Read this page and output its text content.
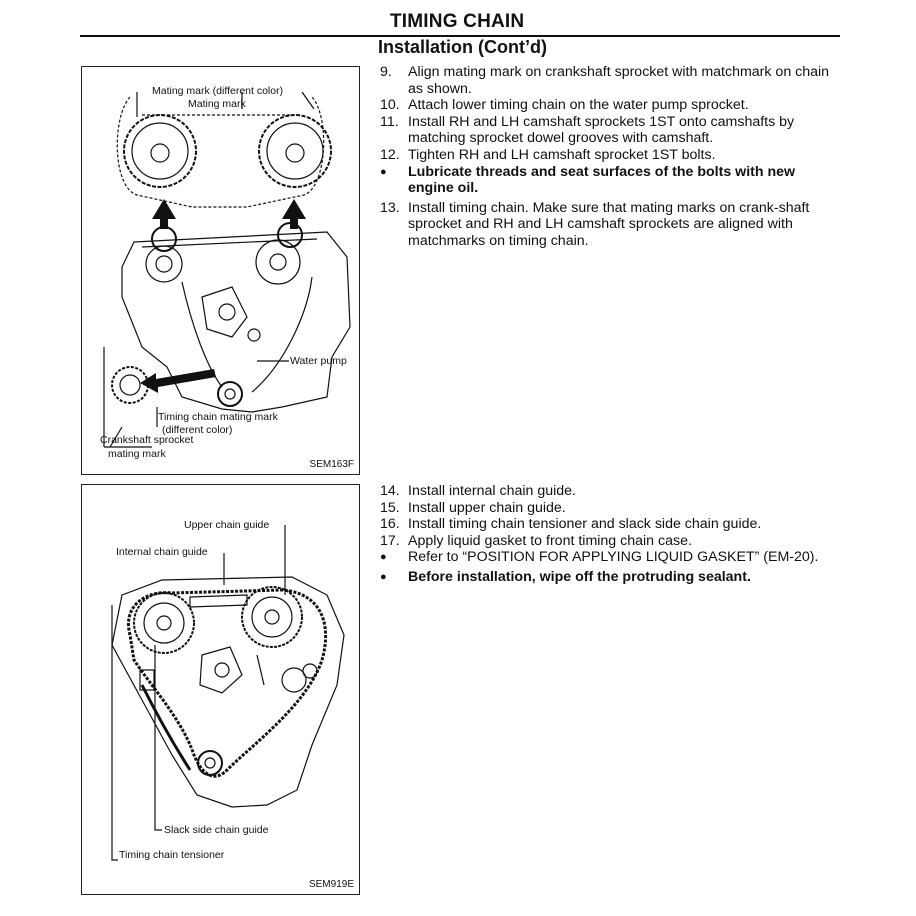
TIMING CHAIN
Installation (Cont’d)
Mating mark (different color)
Mating mark
Water pump
Timing chain mating mark
(different color)
Crankshaft sprocket
mating mark
SEM163F
9.	Align mating mark on crankshaft sprocket with matchmark on chain as shown.
10. Attach lower timing chain on the water pump sprocket.
11. Install RH and LH camshaft sprockets 1ST onto camshafts by matching sprocket dowel grooves with camshaft.
12. Tighten RH and LH camshaft sprocket 1ST bolts.
●	Lubricate threads and seat surfaces of the bolts with new engine oil.
13. Install timing chain. Make sure that mating marks on crank-shaft sprocket and RH and LH camshaft sprockets are aligned with matchmarks on timing chain.
Upper chain guide
Internal chain guide
Slack side chain guide
Timing chain tensioner
SEM919E
14. Install internal chain guide.
15. Install upper chain guide.
16. Install timing chain tensioner and slack side chain guide.
17. Apply liquid gasket to front timing chain case.
●	Refer to “POSITION FOR APPLYING LIQUID GASKET” (EM-20).
●	Before installation, wipe off the protruding sealant.
